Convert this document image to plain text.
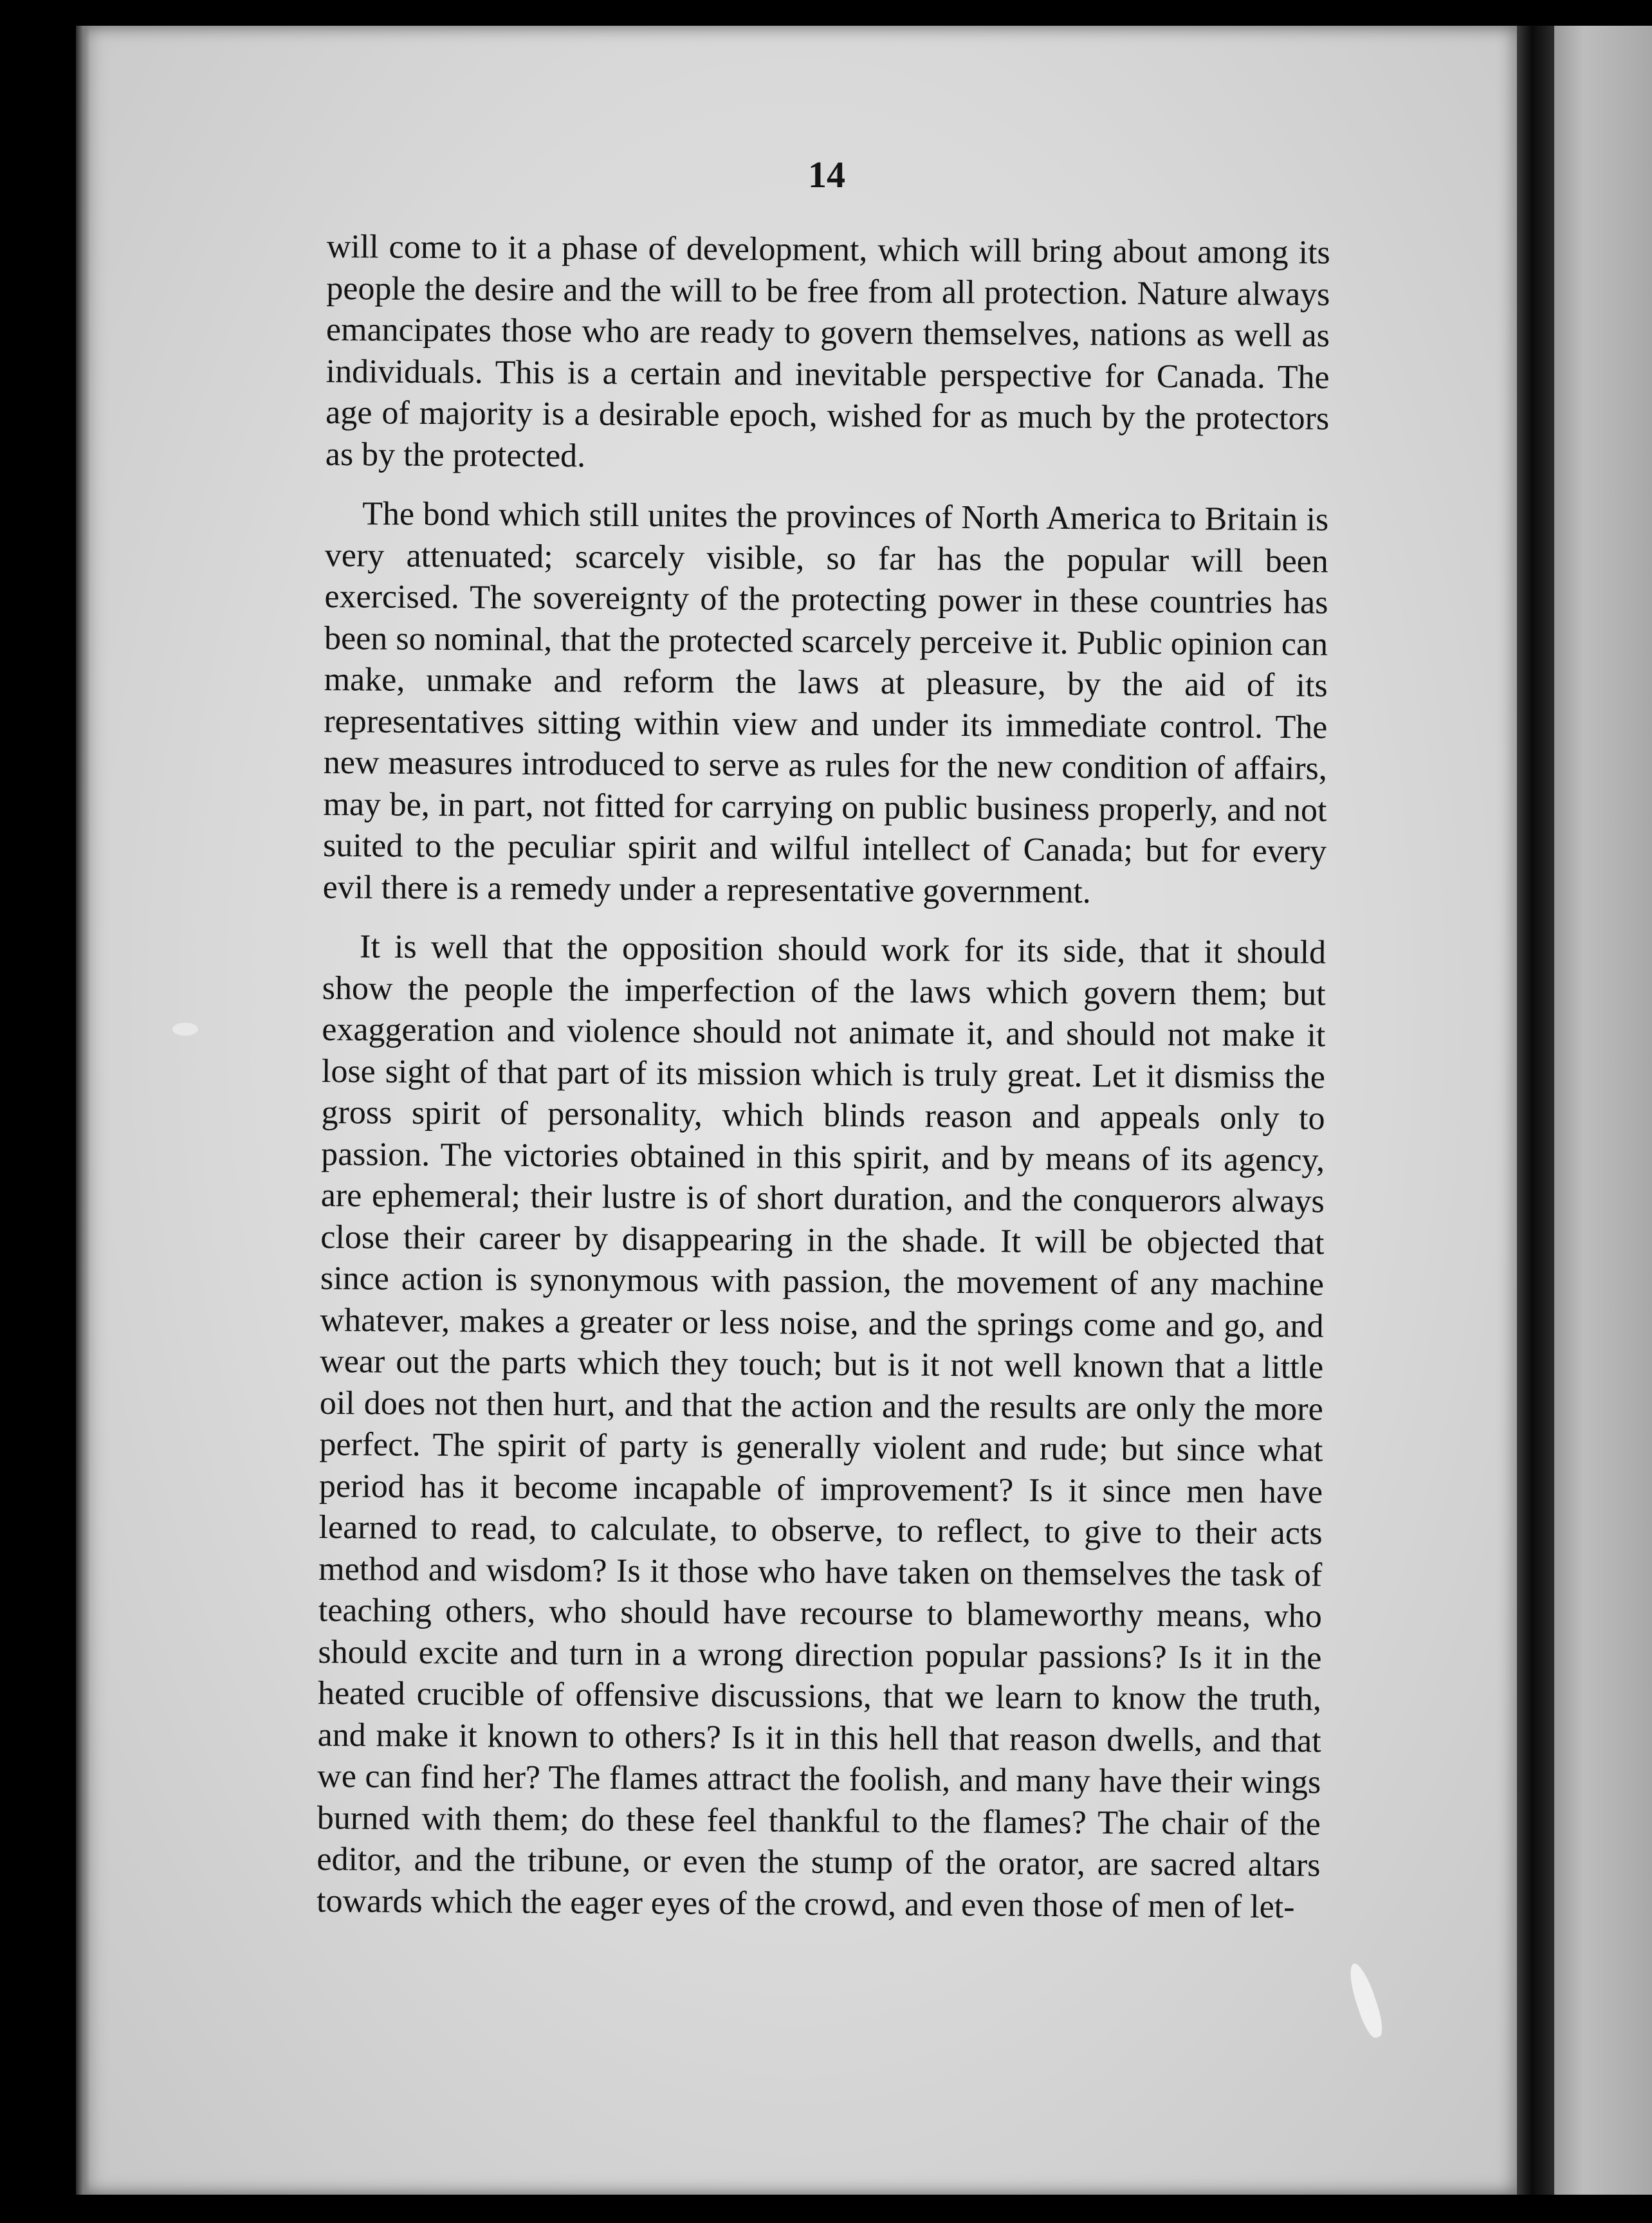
14

will come to it a phase of development, which will bring about among its people the desire and the will to be free from all protection. Nature always emancipates those who are ready to govern themselves, nations as well as individuals. This is a certain and inevitable perspective for Canada. The age of majority is a desirable epoch, wished for as much by the protectors as by the protected.

The bond which still unites the provinces of North America to Britain is very attenuated; scarcely visible, so far has the popular will been exercised. The sovereignty of the protecting power in these countries has been so nominal, that the protected scarcely perceive it. Public opinion can make, unmake and reform the laws at pleasure, by the aid of its representatives sitting within view and under its immediate control. The new measures introduced to serve as rules for the new condition of affairs, may be, in part, not fitted for carrying on public business properly, and not suited to the peculiar spirit and wilful intellect of Canada; but for every evil there is a remedy under a representative government.

It is well that the opposition should work for its side, that it should show the people the imperfection of the laws which govern them; but exaggeration and violence should not animate it, and should not make it lose sight of that part of its mission which is truly great. Let it dismiss the gross spirit of personality, which blinds reason and appeals only to passion. The victories obtained in this spirit, and by means of its agency, are ephemeral; their lustre is of short duration, and the conquerors always close their career by disappearing in the shade. It will be objected that since action is synonymous with passion, the movement of any machine whatever, makes a greater or less noise, and the springs come and go, and wear out the parts which they touch; but is it not well known that a little oil does not then hurt, and that the action and the results are only the more perfect. The spirit of party is generally violent and rude; but since what period has it become incapable of improvement? Is it since men have learned to read, to calculate, to observe, to reflect, to give to their acts method and wisdom? Is it those who have taken on themselves the task of teaching others, who should have recourse to blameworthy means, who should excite and turn in a wrong direction popular passions? Is it in the heated crucible of offensive discussions, that we learn to know the truth, and make it known to others? Is it in this hell that reason dwells, and that we can find her? The flames attract the foolish, and many have their wings burned with them; do these feel thankful to the flames? The chair of the editor, and the tribune, or even the stump of the orator, are sacred altars towards which the eager eyes of the crowd, and even those of men of let-
